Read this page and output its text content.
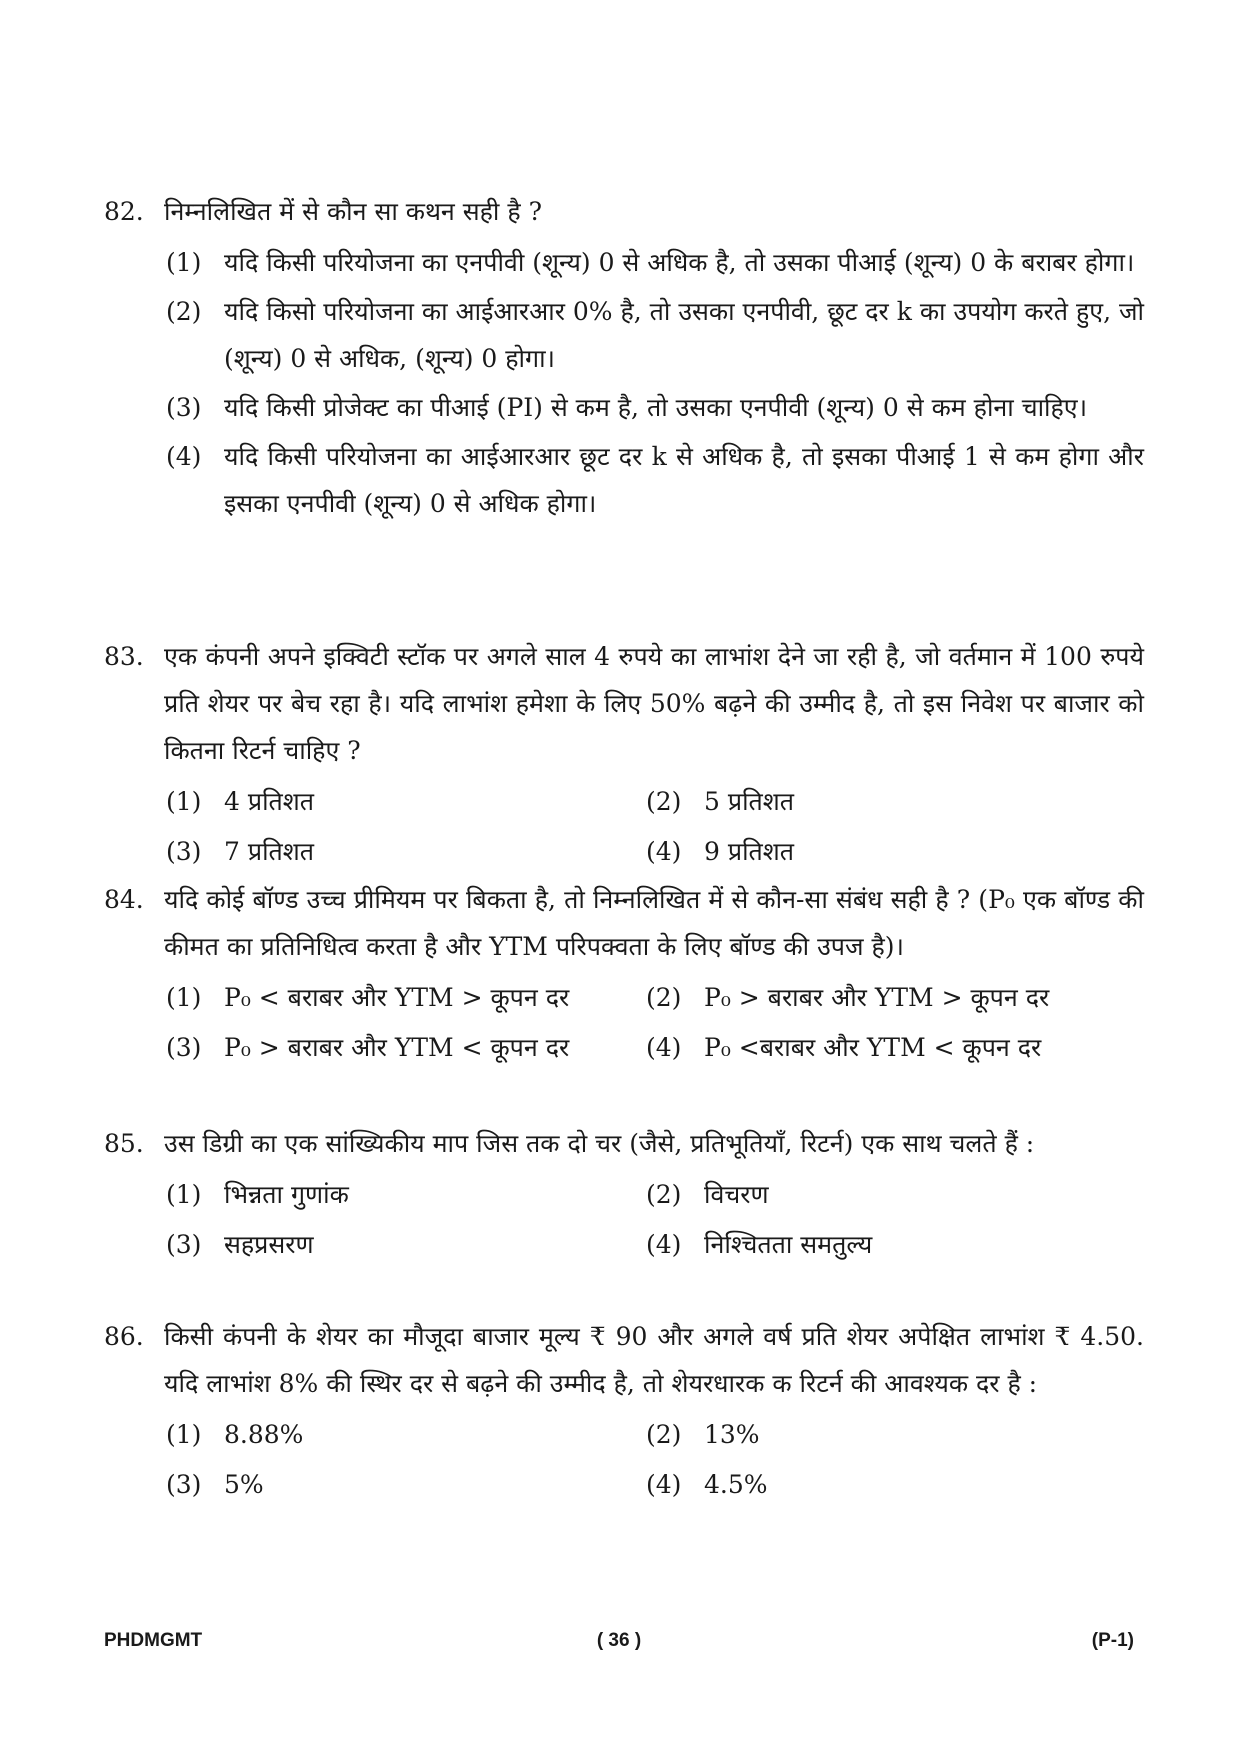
82. निम्नलिखित में से कौन सा कथन सही है ?
(1) यदि किसी परियोजना का एनपीवी (शून्य) 0 से अधिक है, तो उसका पीआई (शून्य) 0 के बराबर होगा।
(2) यदि किसो परियोजना का आईआरआर 0% है, तो उसका एनपीवी, छूट दर k का उपयोग करते हुए, जो (शून्य) 0 से अधिक, (शून्य) 0 होगा।
(3) यदि किसी प्रोजेक्ट का पीआई (PI) से कम है, तो उसका एनपीवी (शून्य) 0 से कम होना चाहिए।
(4) यदि किसी परियोजना का आईआरआर छूट दर k से अधिक है, तो इसका पीआई 1 से कम होगा और इसका एनपीवी (शून्य) 0 से अधिक होगा।
83. एक कंपनी अपने इक्विटी स्टॉक पर अगले साल 4 रुपये का लाभांश देने जा रही है, जो वर्तमान में 100 रुपये प्रति शेयर पर बेच रहा है। यदि लाभांश हमेशा के लिए 50% बढ़ने की उम्मीद है, तो इस निवेश पर बाजार को कितना रिटर्न चाहिए ?
(1) 4 प्रतिशत	(2) 5 प्रतिशत
(3) 7 प्रतिशत	(4) 9 प्रतिशत
84. यदि कोई बॉण्ड उच्च प्रीमियम पर बिकता है, तो निम्नलिखित में से कौन-सा संबंध सही है ? (P₀ एक बॉण्ड की कीमत का प्रतिनिधित्व करता है और YTM परिपक्वता के लिए बॉण्ड की उपज है)।
(1) P₀ < बराबर और YTM > कूपन दर	(2) P₀ > बराबर और YTM > कूपन दर
(3) P₀ > बराबर और YTM < कूपन दर	(4) P₀ <बराबर और YTM < कूपन दर
85. उस डिग्री का एक सांख्यिकीय माप जिस तक दो चर (जैसे, प्रतिभूतियाँ, रिटर्न) एक साथ चलते हैं :
(1) भिन्नता गुणांक	(2) विचरण
(3) सहप्रसरण	(4) निश्चितता समतुल्य
86. किसी कंपनी के शेयर का मौजूदा बाजार मूल्य ₹ 90 और अगले वर्ष प्रति शेयर अपेक्षित लाभांश ₹ 4.50. यदि लाभांश 8% की स्थिर दर से बढ़ने की उम्मीद है, तो शेयरधारक क रिटर्न की आवश्यक दर है :
(1) 8.88%	(2) 13%
(3) 5%	(4) 4.5%
PHDMGMT	( 36 )	(P-1)
